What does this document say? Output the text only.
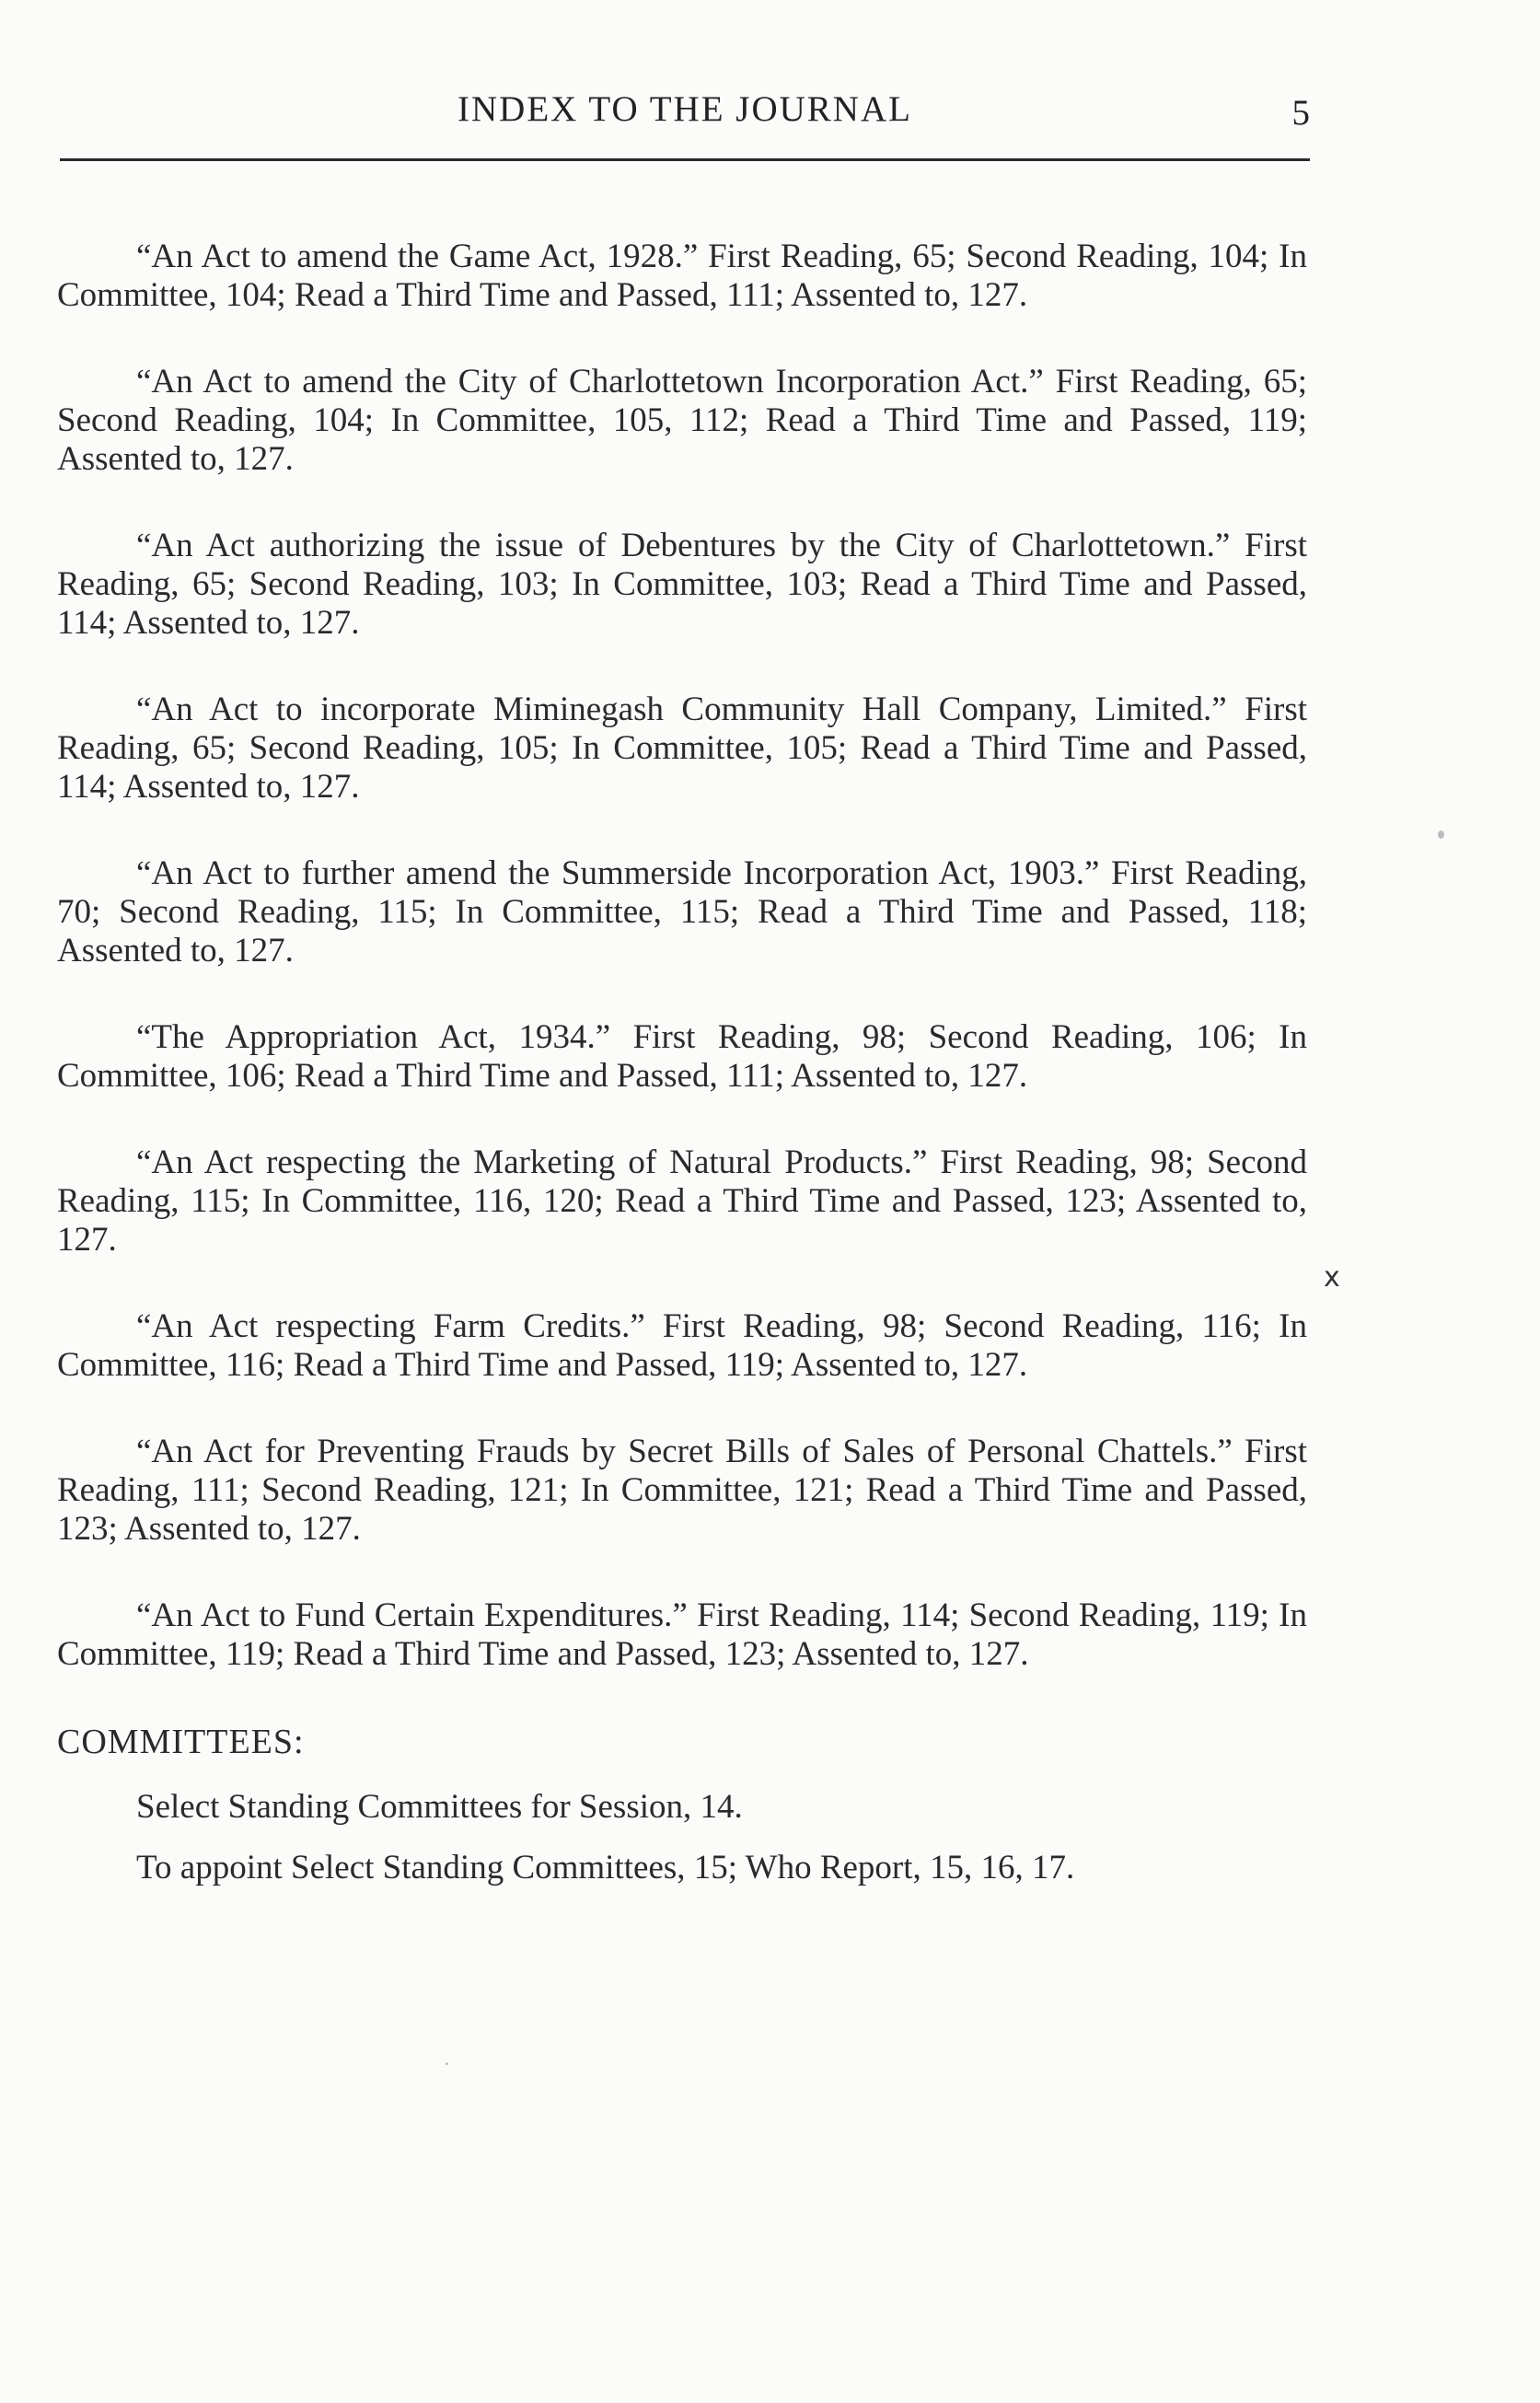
INDEX TO THE JOURNAL	5

“An Act to amend the Game Act, 1928.” First Reading, 65; Second Reading, 104; In Committee, 104; Read a Third Time and Passed, 111; Assented to, 127.

“An Act to amend the City of Charlottetown Incorporation Act.” First Reading, 65; Second Reading, 104; In Committee, 105, 112; Read a Third Time and Passed, 119; Assented to, 127.

“An Act authorizing the issue of Debentures by the City of Charlottetown.” First Reading, 65; Second Reading, 103; In Committee, 103; Read a Third Time and Passed, 114; Assented to, 127.

“An Act to incorporate Miminegash Community Hall Company, Limited.” First Reading, 65; Second Reading, 105; In Committee, 105; Read a Third Time and Passed, 114; Assented to, 127.

“An Act to further amend the Summerside Incorporation Act, 1903.” First Reading, 70; Second Reading, 115; In Committee, 115; Read a Third Time and Passed, 118; Assented to, 127.

“The Appropriation Act, 1934.” First Reading, 98; Second Reading, 106; In Committee, 106; Read a Third Time and Passed, 111; Assented to, 127.

“An Act respecting the Marketing of Natural Products.” First Reading, 98; Second Reading, 115; In Committee, 116, 120; Read a Third Time and Passed, 123; Assented to, 127.

“An Act respecting Farm Credits.” First Reading, 98; Second Reading, 116; In Committee, 116; Read a Third Time and Passed, 119; Assented to, 127.

“An Act for Preventing Frauds by Secret Bills of Sales of Personal Chattels.” First Reading, 111; Second Reading, 121; In Committee, 121; Read a Third Time and Passed, 123; Assented to, 127.

“An Act to Fund Certain Expenditures.” First Reading, 114; Second Reading, 119; In Committee, 119; Read a Third Time and Passed, 123; Assented to, 127.

COMMITTEES:

Select Standing Committees for Session, 14.

To appoint Select Standing Committees, 15; Who Report, 15, 16, 17.

x
